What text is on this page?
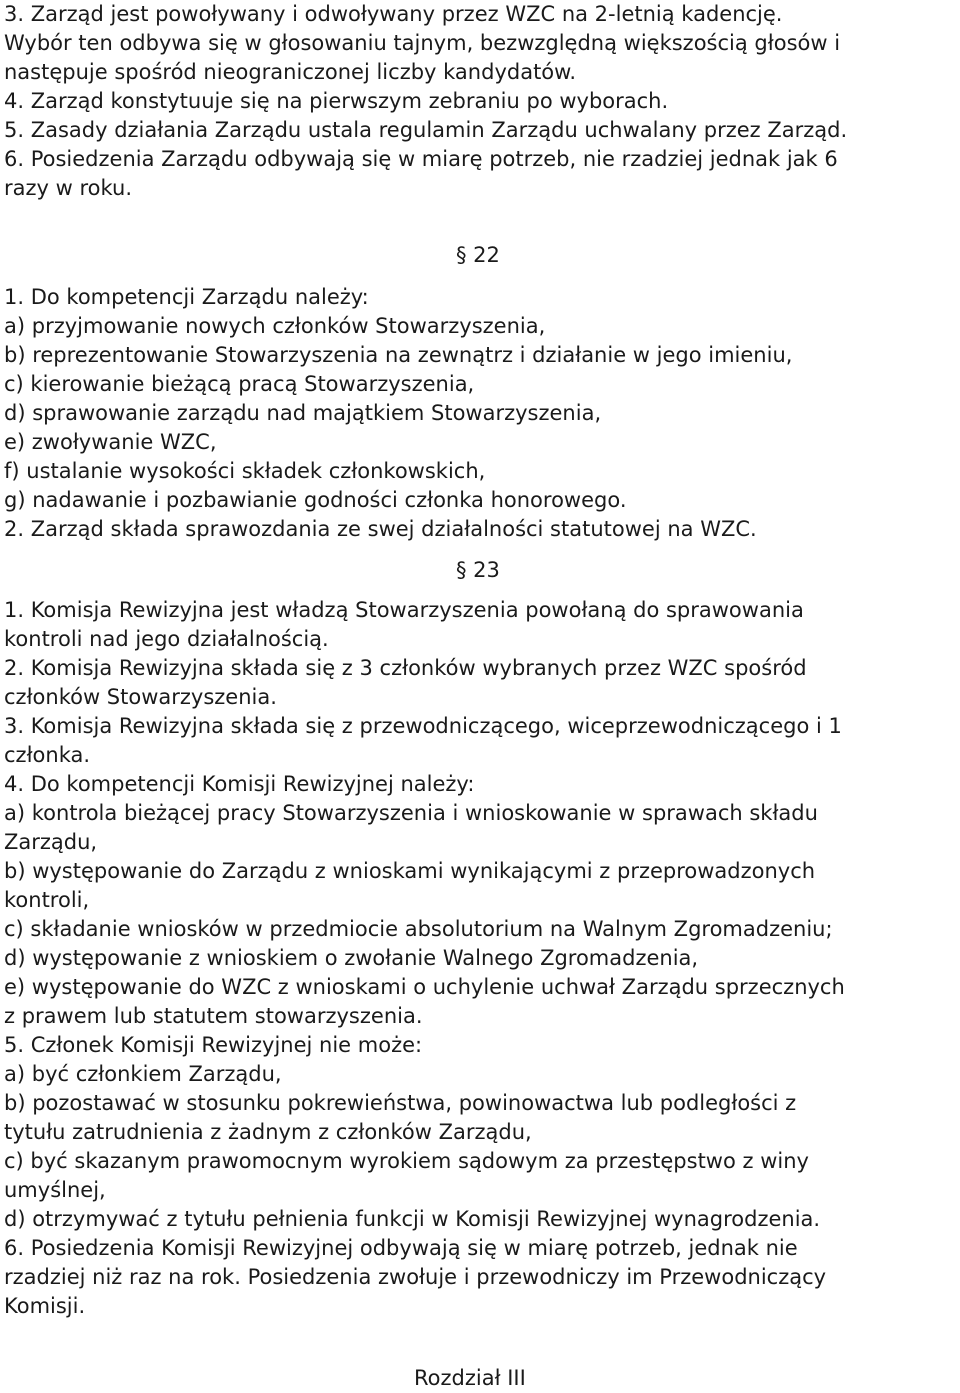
3. Zarząd jest powoływany i odwoływany przez WZC na 2-letnią kadencję.
Wybór ten odbywa się w głosowaniu tajnym, bezwzględną większością głosów i
następuje spośród nieograniczonej liczby kandydatów.
4. Zarząd konstytuuje się na pierwszym zebraniu po wyborach.
5. Zasady działania Zarządu ustala regulamin Zarządu uchwalany przez Zarząd.
6. Posiedzenia Zarządu odbywają się w miarę potrzeb, nie rzadziej jednak jak 6
razy w roku.
§ 22
1. Do kompetencji Zarządu należy:
a) przyjmowanie nowych członków Stowarzyszenia,
b) reprezentowanie Stowarzyszenia na zewnątrz i działanie w jego imieniu,
c) kierowanie bieżącą pracą Stowarzyszenia,
d) sprawowanie zarządu nad majątkiem Stowarzyszenia,
e) zwoływanie WZC,
f) ustalanie wysokości składek członkowskich,
g) nadawanie i pozbawianie godności członka honorowego.
2. Zarząd składa sprawozdania ze swej działalności statutowej na WZC.
§ 23
1. Komisja Rewizyjna jest władzą Stowarzyszenia powołaną do sprawowania
kontroli nad jego działalnością.
2. Komisja Rewizyjna składa się z 3 członków wybranych przez WZC spośród
członków Stowarzyszenia.
3. Komisja Rewizyjna składa się z przewodniczącego, wiceprzewodniczącego i 1
członka.
4. Do kompetencji Komisji Rewizyjnej należy:
a) kontrola bieżącej pracy Stowarzyszenia i wnioskowanie w sprawach składu
Zarządu,
b) występowanie do Zarządu z wnioskami wynikającymi z przeprowadzonych
kontroli,
c) składanie wniosków w przedmiocie absolutorium na Walnym Zgromadzeniu;
d) występowanie z wnioskiem o zwołanie Walnego Zgromadzenia,
e) występowanie do WZC z wnioskami o uchylenie uchwał Zarządu sprzecznych
z prawem lub statutem stowarzyszenia.
5. Członek Komisji Rewizyjnej nie może:
a) być członkiem Zarządu,
b) pozostawać w stosunku pokrewieństwa, powinowactwa lub podległości z
tytułu zatrudnienia z żadnym z członków Zarządu,
c) być skazanym prawomocnym wyrokiem sądowym za przestępstwo z winy
umyślnej,
d) otrzymywać z tytułu pełnienia funkcji w Komisji Rewizyjnej wynagrodzenia.
6. Posiedzenia Komisji Rewizyjnej odbywają się w miarę potrzeb, jednak nie
rzadziej niż raz na rok. Posiedzenia zwołuje i przewodniczy im Przewodniczący
Komisji.
Rozdział III
